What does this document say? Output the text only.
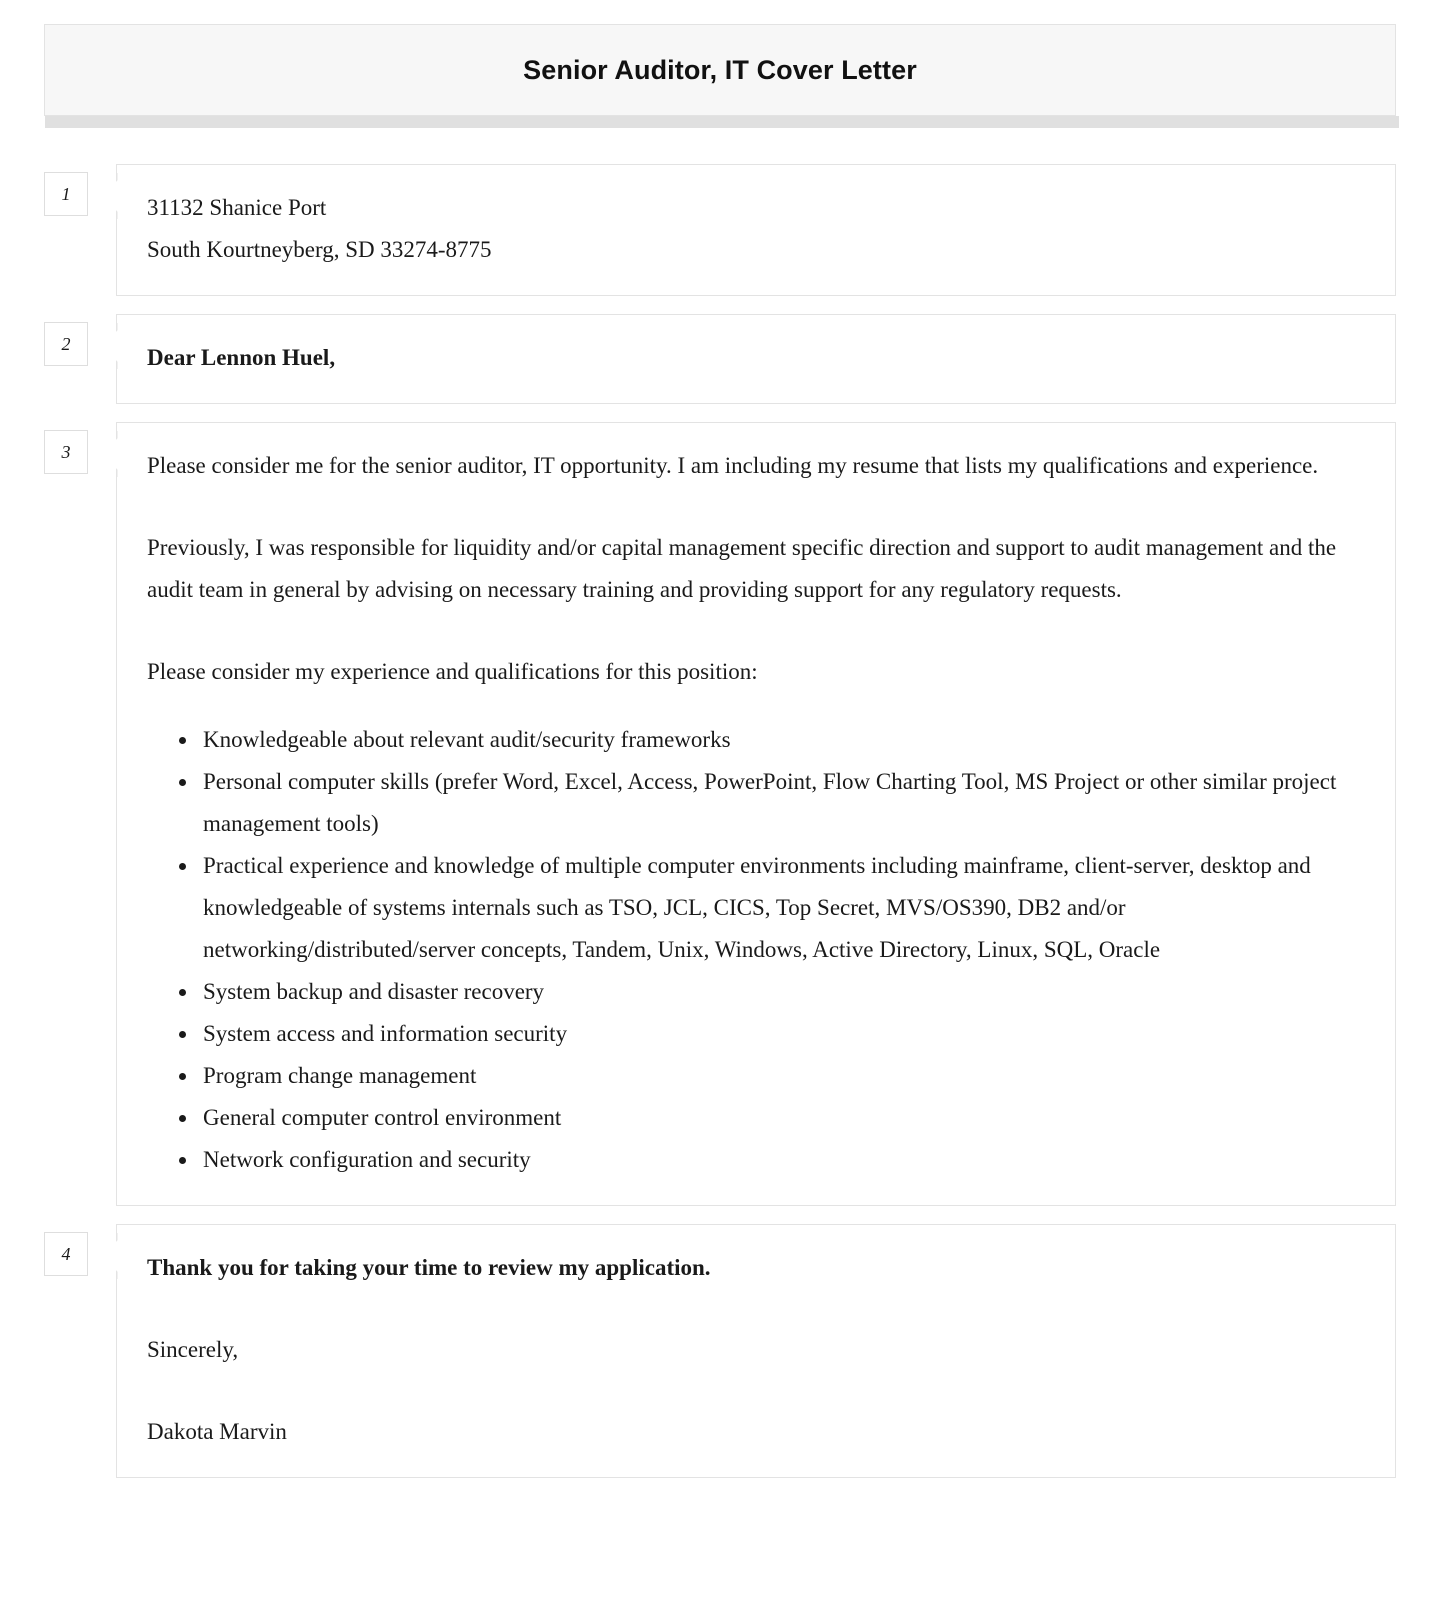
Senior Auditor, IT Cover Letter
1
31132 Shanice Port
South Kourtneyberg, SD 33274-8775
2
Dear Lennon Huel,
3

Please consider me for the senior auditor, IT opportunity. I am including my resume that lists my qualifications and experience.

Previously, I was responsible for liquidity and/or capital management specific direction and support to audit management and the audit team in general by advising on necessary training and providing support for any regulatory requests.

Please consider my experience and qualifications for this position:

• Knowledgeable about relevant audit/security frameworks
• Personal computer skills (prefer Word, Excel, Access, PowerPoint, Flow Charting Tool, MS Project or other similar project management tools)
• Practical experience and knowledge of multiple computer environments including mainframe, client-server, desktop and knowledgeable of systems internals such as TSO, JCL, CICS, Top Secret, MVS/OS390, DB2 and/or networking/distributed/server concepts, Tandem, Unix, Windows, Active Directory, Linux, SQL, Oracle
• System backup and disaster recovery
• System access and information security
• Program change management
• General computer control environment
• Network configuration and security
4

Thank you for taking your time to review my application.

Sincerely,

Dakota Marvin
